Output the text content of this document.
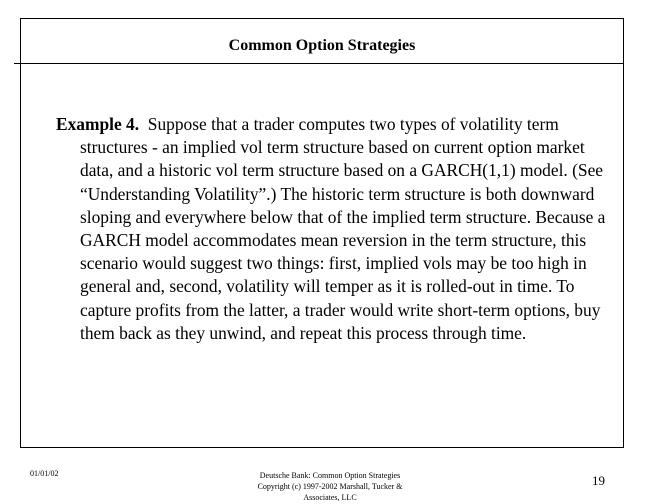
Common Option Strategies

Example 4. Suppose that a trader computes two types of volatility term structures - an implied vol term structure based on current option market data, and a historic vol term structure based on a GARCH(1,1) model. (See “Understanding Volatility”.) The historic term structure is both downward sloping and everywhere below that of the implied term structure. Because a GARCH model accommodates mean reversion in the term structure, this scenario would suggest two things: first, implied vols may be too high in general and, second, volatility will temper as it is rolled-out in time. To capture profits from the latter, a trader would write short-term options, buy them back as they unwind, and repeat this process through time.

01/01/02	Deutsche Bank: Common Option Strategies
Copyright (c) 1997-2002 Marshall, Tucker &
Associates, LLC
19
